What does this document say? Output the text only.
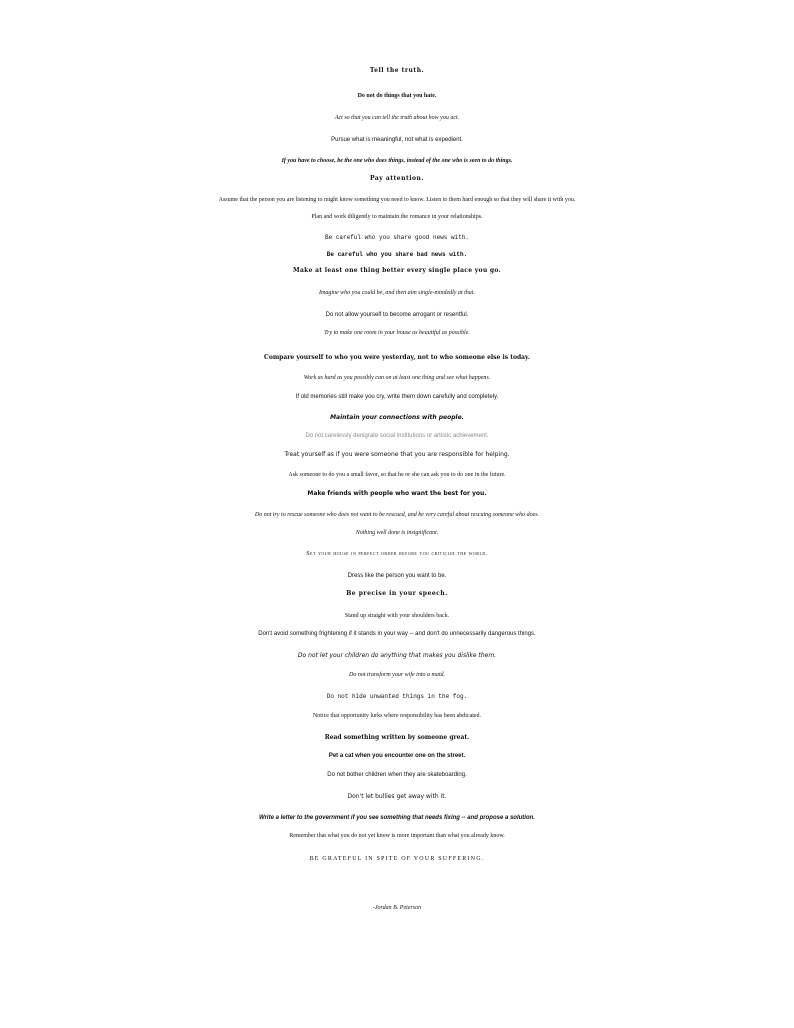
Tell the truth.
Do not do things that you hate.
Act so that you can tell the truth about how you act.
Pursue what is meaningful, not what is expedient.
If you have to choose, be the one who does things, instead of the one who is seen to do things.
Pay attention.
Assume that the person you are listening to might know something you need to know. Listen to them hard enough so that they will share it with you.
Plan and work diligently to maintain the romance in your relationships.
Be careful who you share good news with.
Be careful who you share bad news with.
Make at least one thing better every single place you go.
Imagine who you could be, and then aim single-mindedly at that.
Do not allow yourself to become arrogant or resentful.
Try to make one room in your house as beautiful as possible.
Compare yourself to who you were yesterday, not to who someone else is today.
Work as hard as you possibly can on at least one thing and see what happens.
If old memories still make you cry, write them down carefully and completely.
Maintain your connections with people.
Do not carelessly denigrate social institutions or artistic achievement.
Treat yourself as if you were someone that you are responsible for helping.
Ask someone to do you a small favor, so that he or she can ask you to do one in the future.
Make friends with people who want the best for you.
Do not try to rescue someone who does not want to be rescued, and be very careful about rescuing someone who does.
Nothing well done is insignificant.
Set your house in perfect order before you criticize the world.
Dress like the person you want to be.
Be precise in your speech.
Stand up straight with your shoulders back.
Don't avoid something frightening if it stands in your way -- and don't do unnecessarily dangerous things.
Do not let your children do anything that makes you dislike them.
Do not transform your wife into a maid.
Do not hide unwanted things in the fog.
Notice that opportunity lurks where responsibility has been abdicated.
Read something written by someone great.
Pet a cat when you encounter one on the street.
Do not bother children when they are skateboarding.
Don't let bullies get away with it.
Write a letter to the government if you see something that needs fixing -- and propose a solution.
Remember that what you do not yet know is more important than what you already know.
BE GRATEFUL IN SPITE OF YOUR SUFFERING.
-Jordan B. Peterson
